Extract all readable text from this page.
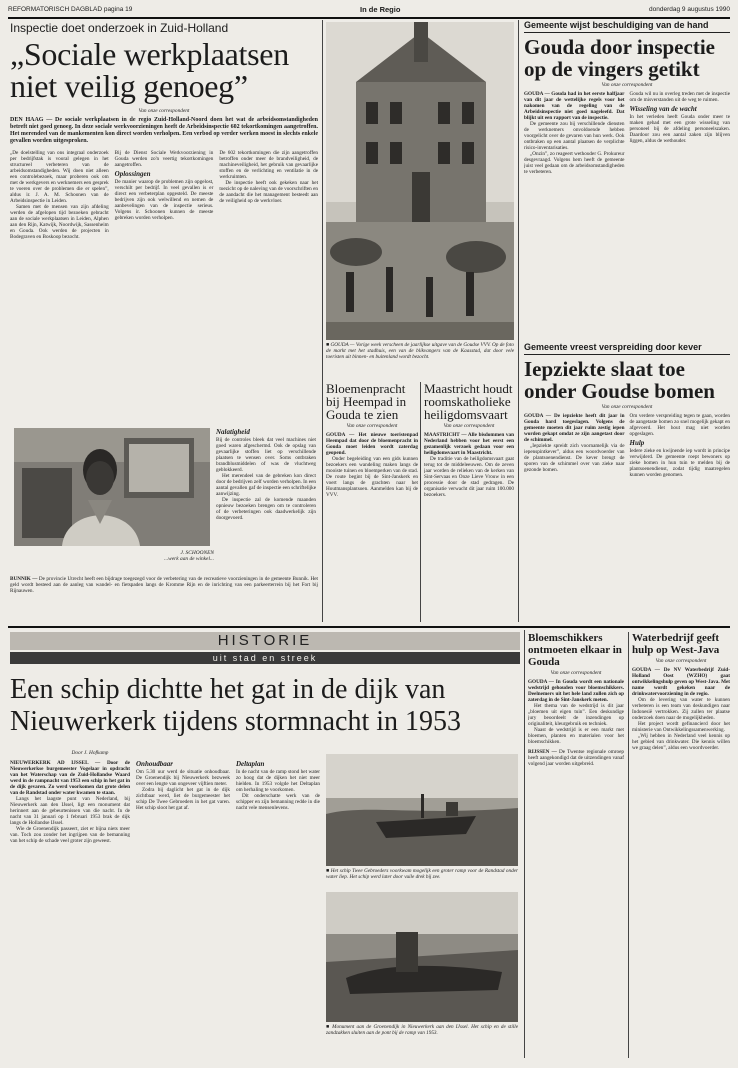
REFORMATORISCH DAGBLAD pagina 19	In de Regio	donderdag 9 augustus 1990
Inspectie doet onderzoek in Zuid-Holland
„Sociale werkplaatsen
niet veilig genoeg”
Van onze correspondent

DEN HAAG — De sociale werkplaatsen in de regio Zuid-Holland-Noord doen het wat de arbeidsomstandigheden betreft niet goed genoeg. In deze sociale werkvoorzieningen heeft de Arbeidsinspectie 602 tekortkomingen aangetroffen. Het merendeel van de mankementen kon direct worden verholpen. Een verbod op verder werken moest in slechts enkele gevallen worden uitgesproken.

„De doelstelling van ons integraal onderzoek per bedrijfstak is vooral gelegen in het structureel verbeteren van de arbeidsomstandigheden. Wij doen niet alleen een controlebezoek, maar proberen ook om met de werkgevers en werknemers een gesprek te voeren over de problemen die er spelen”, aldus ir. J. A. M. Schoonen van de Arbeidsinspectie in Leiden.

Samen met de mensen van zijn afdeling werden de afgelopen tijd bezoeken gebracht aan de sociale werkplaatsen in Leiden, Alphen aan den Rijn, Katwijk, Noordwijk, Sassenheim en Gouda. Ook werden de projecten in Bodegraven en Boskoop bezocht.

Bij de Dienst Sociale Werkvoorziening in Gouda werden zo'n veertig tekortkomingen aangetroffen.

Oplossingen

De manier waarop de problemen zijn opgelost, verschilt per bedrijf. In veel gevallen is er direct een verbeterplan opgesteld. De meeste bedrijven zijn ook welwillend en nemen de aanbevelingen van de inspectie serieus. Volgens ir. Schoonen kunnen de meeste gebreken worden verholpen.

De 602 tekortkomingen die zijn aangetroffen betroffen onder meer de brandveiligheid, de machineveiligheid, het gebruik van gevaarlijke stoffen en de verlichting en ventilatie in de werkruimten.

De inspectie heeft ook gekeken naar het toezicht op de naleving van de voorschriften en de aandacht die het management besteedt aan de veiligheid op de werkvloer.

J. SCHOONEN
...werk aan de winkel...
Nalatigheid

Bij de controles bleek dat veel machines niet goed waren afgeschermd. Ook de opslag van gevaarlijke stoffen liet op verschillende plaatsen te wensen over. Soms ontbraken brandblusmiddelen of was de vluchtweg geblokkeerd.

Het merendeel van de gebreken kon direct door de bedrijven zelf worden verholpen. In een aantal gevallen gaf de inspectie een schriftelijke aanwijzing.

De inspectie zal de komende maanden opnieuw bezoeken brengen om te controleren of de verbeteringen ook daadwerkelijk zijn doorgevoerd.

BUNNIK — De provincie Utrecht heeft een bijdrage toegezegd voor de verbetering van de recreatieve voorzieningen in de gemeente Bunnik. Het geld wordt besteed aan de aanleg van wandel- en fietspaden langs de Kromme Rijn en de inrichting van een parkeerterrein bij het Fort bij Rijnauwen.

■ GOUDA — Vorige week verscheen de jaarlijkse uitgave van de Goudse VVV. Op de foto de markt met het stadhuis, een van de blikvangers van de Kaasstad, dat door vele toeristen uit binnen- en buitenland wordt bezocht.

Bloemenpracht bij Heempad in Gouda te zien
Van onze correspondent

GOUDA — Het nieuwe toeristenpad Heempad dat door de bloemenpracht in Gouda moet leiden wordt zaterdag geopend.

Onder begeleiding van een gids kunnen bezoekers een wandeling maken langs de mooiste tuinen en bloemperken van de stad. De route begint bij de Sint-Janskerk en voert langs de grachten naar het Houtmansplantsoen. Aanmelden kan bij de VVV.

Maastricht houdt roomskatholieke heiligdomsvaart
Van onze correspondent

MAASTRICHT — Alle bisdommen van Nederland hebben voor het eerst een gezamenlijk verzoek gedaan voor een heiligdomsvaart in Maastricht.

De traditie van de heiligdomsvaart gaat terug tot de middeleeuwen. Om de zeven jaar worden de relieken van de kerken van Sint-Servaas en Onze Lieve Vrouw in een processie door de stad gedragen. De organisatie verwacht dit jaar ruim 100.000 bezoekers.

Gemeente wijst beschuldiging van de hand
Gouda door inspectie op de vingers getikt
Van onze correspondent

GOUDA — Gouda had in het eerste halfjaar van dit jaar de wettelijke regels voor het nakomen van de regeling van de Arbeidsinspectie niet goed nageleefd. Dat blijkt uit een rapport van de inspectie.

De gemeente zou bij verschillende diensten de werknemers onvoldoende hebben voorgelicht over de gevaren van hun werk. Ook ontbraken op een aantal plaatsen de verplichte risico-inventarisaties.

„Onzin”, zo reageert wethouder G. Prokureur desgevraagd. Volgens hem heeft de gemeente juist veel gedaan om de arbeidsomstandigheden te verbeteren.

Gouda wil nu in overleg treden met de inspectie om de misverstanden uit de weg te ruimen.

Wisseling van de wacht

In het verleden heeft Gouda onder meer te maken gehad met een grote wisseling van personeel bij de afdeling personeelszaken. Daardoor zou een aantal zaken zijn blijven liggen, aldus de wethouder.

Gemeente vreest verspreiding door kever
Iepziekte slaat toe onder Goudse bomen
Van onze correspondent

GOUDA — De iepziekte heeft dit jaar in Gouda hard toegeslagen. Volgens de gemeente moeten dit jaar ruim zestig iepen worden gekapt omdat ze zijn aangetast door de schimmel.

„Iepziekte spreidt zich voornamelijk via de iepenspintkever”, aldus een woordvoerder van de plantsoenendienst. De kever brengt de sporen van de schimmel over van zieke naar gezonde bomen.

Om verdere verspreiding tegen te gaan, worden de aangetaste bomen zo snel mogelijk gekapt en afgevoerd. Het hout mag niet worden opgeslagen.

Hulp

Iedere zieke en kwijnende iep wordt in principe verwijderd. De gemeente roept bewoners op zieke bomen in hun tuin te melden bij de plantsoenendienst, zodat tijdig maatregelen kunnen worden genomen.

HISTORIE
uit stad en streek
Een schip dichtte het gat in de dijk van
Nieuwerkerk tijdens stormnacht in 1953
Door J. Hofkamp

NIEUWERKERK AD IJSSEL — Door de Nieuwerkerkse burgemeester Vogelaar in opdracht van het Waterschap van de Zuid-Hollandse Waard werd in de rampnacht van 1953 een schip in het gat in de dijk gevaren. Zo werd voorkomen dat grote delen van de Randstad onder water kwamen te staan.

Langs het laagste punt van Nederland, bij Nieuwerkerk aan den IJssel, ligt een monument dat herinnert aan de gebeurtenissen van die nacht. In de nacht van 31 januari op 1 februari 1953 brak de dijk langs de Hollandse IJssel.

Wie de Groenendijk passeert, ziet er bijna niets meer van. Toch zou zonder het ingrijpen van de bemanning van het schip de schade veel groter zijn geweest.

Onhoudbaar

Om 5.30 uur werd de situatie onhoudbaar. De Groenendijk bij Nieuwerkerk bezweek over een lengte van ongeveer vijftien meter.

Zodra bij daglicht het gat in de dijk zichtbaar werd, liet de burgemeester het schip De Twee Gebroeders in het gat varen. Het schip sloot het gat af.

Deltaplan

In de nacht van de ramp stond het water zo hoog dat de dijken het niet meer hielden. In 1953 volgde het Deltaplan om herhaling te voorkomen.

Dit onderschatte werk van de schipper en zijn bemanning redde in die nacht vele mensenlevens.

■ Het schip Twee Gebroeders voorkwam mogelijk een groter ramp voor de Randstad onder water liep. Het schip werd later door vuile drek bij zee.

■ Monument aan de Groenendijk in Nieuwerkerk aan den IJssel. Het schip en de stille zandzakken sluiten aan de pont bij de ramp van 1953.

Bloemschikkers ontmoeten elkaar in Gouda
Van onze correspondent

GOUDA — In Gouda wordt een nationale wedstrijd gehouden voor bloemschikkers. Deelnemers uit het hele land zullen zich op zaterdag in de Sint-Janskerk meten.

Het thema van de wedstrijd is dit jaar „bloemen uit eigen tuin”. Een deskundige jury beoordeelt de inzendingen op originaliteit, kleurgebruik en techniek.

Naast de wedstrijd is er een markt met bloemen, planten en materialen voor het bloemschikken.

RIJSSEN — De Twentse regionale omroep heeft aangekondigd dat de uitzendingen vanaf volgend jaar worden uitgebreid.

Waterbedrijf geeft hulp op West-Java
Van onze correspondent

GOUDA — De NV Waterbedrijf Zuid-Holland Oost (WZHO) gaat ontwikkelingshulp geven op West-Java. Met name wordt gekeken naar de drinkwatervoorziening in de regio.

Om de levering van water te kunnen verbeteren is een team van deskundigen naar Indonesië vertrokken. Zij zullen ter plaatse onderzoek doen naar de mogelijkheden.

Het project wordt gefinancierd door het ministerie van Ontwikkelingssamenwerking.

„Wij hebben in Nederland veel kennis op het gebied van drinkwater. Die kennis willen we graag delen”, aldus een woordvoerder.
